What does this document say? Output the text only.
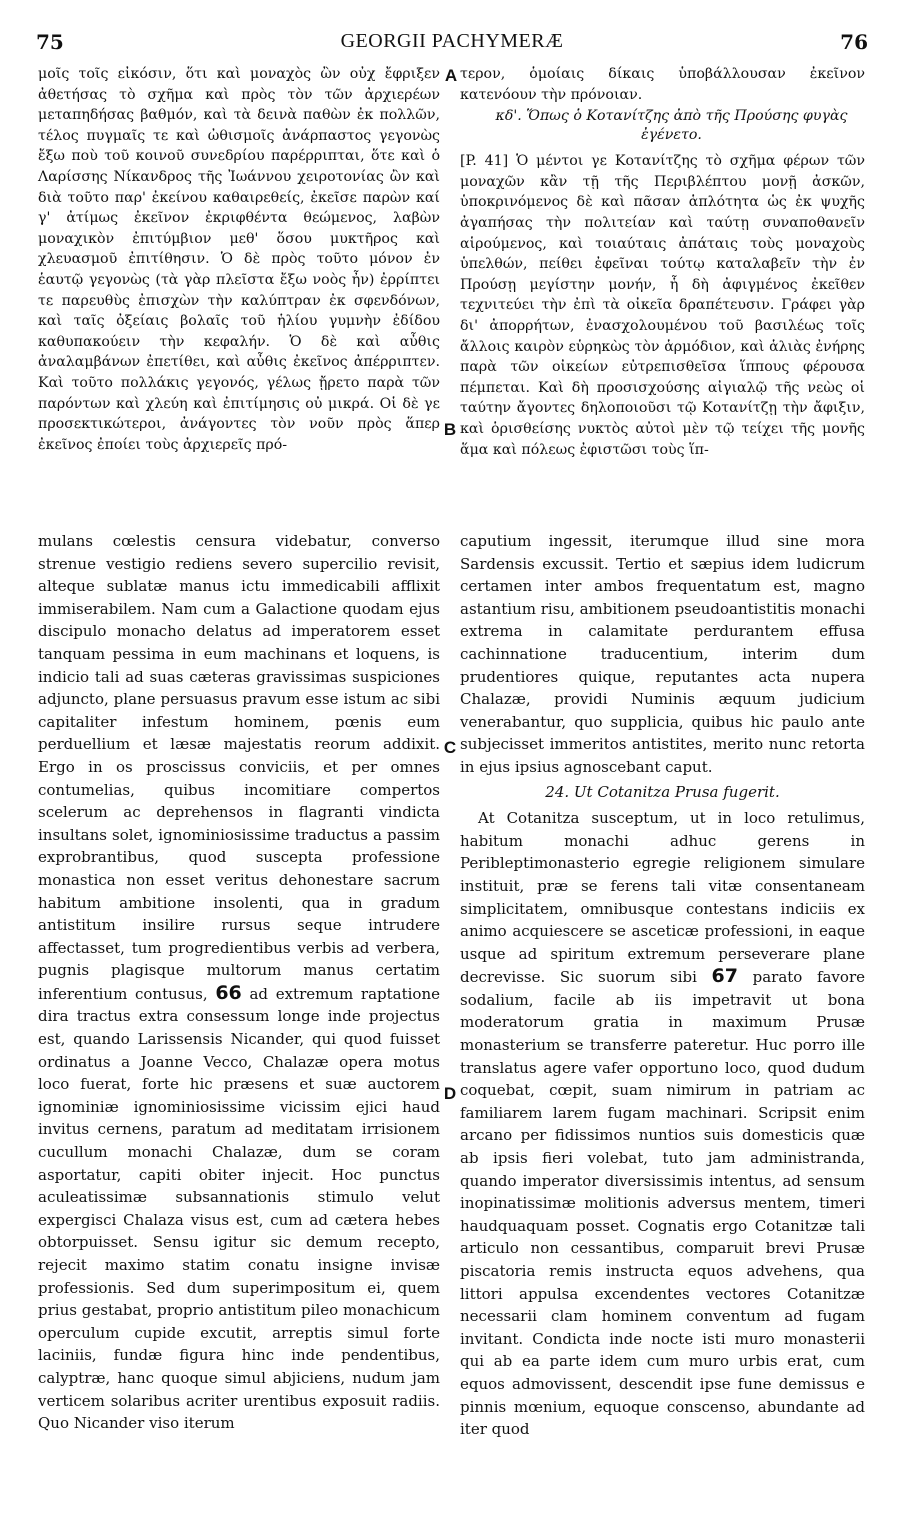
75	GEORGII PACHYMERÆ	76
A
B
C
D

μοῖς τοῖς εἰκόσιν, ὅτι καὶ μοναχὸς ὢν οὐχ ἔφριξεν ἀθετήσας τὸ σχῆμα καὶ πρὸς τὸν τῶν ἀρχιερέων μεταπηδήσας βαθμόν, καὶ τὰ δεινὰ παθὼν ἐκ πολλῶν, τέλος πυγμαῖς τε καὶ ὠθισμοῖς ἀνάρπαστος γεγονὼς ἔξω ποὺ τοῦ κοινοῦ συνεδρίου παρέρριπται, ὅτε καὶ ὁ Λαρίσσης Νίκανδρος τῆς Ἰωάννου χειροτονίας ὢν καὶ διὰ τοῦτο παρ' ἐκείνου καθαιρεθείς, ἐκεῖσε παρὼν καί γ' ἀτίμως ἐκεῖνον ἐκριφθέντα θεώμενος, λαβὼν μοναχικὸν ἐπιτύμβιον μεθ' ὅσου μυκτῆρος καὶ χλευασμοῦ ἐπιτίθησιν. Ὁ δὲ πρὸς τοῦτο μόνον ἐν ἑαυτῷ γεγονὼς (τὰ γὰρ πλεῖστα ἔξω νοὸς ἦν) ἐρρίπτει τε παρευθὺς ἐπισχὼν τὴν καλύπτραν ἐκ σφενδόνων, καὶ ταῖς ὀξείαις βολαῖς τοῦ ἡλίου γυμνὴν ἐδίδου καθυπακούειν τὴν κεφαλήν. Ὁ δὲ καὶ αὖθις ἀναλαμβάνων ἐπετίθει, καὶ αὖθις ἐκεῖνος ἀπέρριπτεν. Καὶ τοῦτο πολλάκις γεγονός, γέλως ᾔρετο παρὰ τῶν παρόντων καὶ χλεύη καὶ ἐπιτίμησις οὐ μικρά. Οἱ δὲ γε προσεκτικώτεροι, ἀνάγοντες τὸν νοῦν πρὸς ἅπερ ἐκεῖνος ἐποίει τοὺς ἀρχιερεῖς πρό-

τερον, ὁμοίαις δίκαις ὑποβάλλουσαν ἐκεῖνον κατενόουν τὴν πρόνοιαν.

κδ'. Ὅπως ὁ Κοτανίτζης ἀπὸ τῆς Προύσης φυγὰς ἐγένετο.

[P. 41] Ὁ μέντοι γε Κοτανίτζης τὸ σχῆμα φέρων τῶν μοναχῶν κἂν τῇ τῆς Περιβλέπτου μονῇ ἀσκῶν, ὑποκρινόμενος δὲ καὶ πᾶσαν ἁπλότητα ὡς ἐκ ψυχῆς ἀγαπήσας τὴν πολιτείαν καὶ ταύτῃ συναποθανεῖν αἱρούμενος, καὶ τοιαύταις ἀπάταις τοὺς μοναχοὺς ὑπελθών, πείθει ἐφεῖναι τούτῳ καταλαβεῖν τὴν ἐν Προύσῃ μεγίστην μονήν, ἧ δὴ ἀφιγμένος ἐκεῖθεν τεχνιτεύει τὴν ἐπὶ τὰ οἰκεῖα δραπέτευσιν. Γράφει γὰρ δι' ἀπορρήτων, ἐνασχολουμένου τοῦ βασιλέως τοῖς ἄλλοις καιρὸν εὑρηκὼς τὸν ἁρμόδιον, καὶ ἁλιὰς ἐνήρης παρὰ τῶν οἰκείων εὐτρεπισθεῖσα ἵππους φέρουσα πέμπεται. Καὶ δὴ προσισχούσης αἰγιαλῷ τῆς νεὼς οἱ ταύτην ἄγοντες δηλοποιοῦσι τῷ Κοτανίτζῃ τὴν ἄφιξιν, καὶ ὁρισθείσης νυκτὸς αὐτοὶ μὲν τῷ τείχει τῆς μονῆς ἅμα καὶ πόλεως ἐφιστῶσι τοὺς ἵπ-

mulans cœlestis censura videbatur, converso strenue vestigio rediens severo supercilio revisit, alteque sublatæ manus ictu immedicabili afflixit immiserabilem. Nam cum a Galactione quodam ejus discipulo monacho delatus ad imperatorem esset tanquam pessima in eum machinans et loquens, is indicio tali ad suas cæteras gravissimas suspiciones adjuncto, plane persuasus pravum esse istum ac sibi capitaliter infestum hominem, pœnis eum perduellium et læsæ majestatis reorum addixit. Ergo in os proscissus conviciis, et per omnes contumelias, quibus incomitiare compertos scelerum ac deprehensos in flagranti vindicta insultans solet, ignominiosissime traductus a passim exprobrantibus, quod suscepta professione monastica non esset veritus dehonestare sacrum habitum ambitione insolenti, qua in gradum antistitum insilire rursus seque intrudere affectasset, tum progredientibus verbis ad verbera, pugnis plagisque multorum manus certatim inferentium contusus, 66 ad extremum raptatione dira tractus extra consessum longe inde projectus est, quando Larissensis Nicander, qui quod fuisset ordinatus a Joanne Vecco, Chalazæ opera motus loco fuerat, forte hic præsens et suæ auctorem ignominiæ ignominiosissime vicissim ejici haud invitus cernens, paratum ad meditatam irrisionem cucullum monachi Chalazæ, dum se coram asportatur, capiti obiter injecit. Hoc punctus aculeatissimæ subsannationis stimulo velut expergisci Chalaza visus est, cum ad cætera hebes obtorpuisset. Sensu igitur sic demum recepto, rejecit maximo statim conatu insigne invisæ professionis. Sed dum superimpositum ei, quem prius gestabat, proprio antistitum pileo monachicum operculum cupide excutit, arreptis simul forte laciniis, fundæ figura hinc inde pendentibus, calyptræ, hanc quoque simul abjiciens, nudum jam verticem solaribus acriter urentibus exposuit radiis. Quo Nicander viso iterum

caputium ingessit, iterumque illud sine mora Sardensis excussit. Tertio et sæpius idem ludicrum certamen inter ambos frequentatum est, magno astantium risu, ambitionem pseudoantistitis monachi extrema in calamitate perdurantem effusa cachinnatione traducentium, interim dum prudentiores quique, reputantes acta nupera Chalazæ, providi Numinis æquum judicium venerabantur, quo supplicia, quibus hic paulo ante subjecisset immeritos antistites, merito nunc retorta in ejus ipsius agnoscebant caput.

24. Ut Cotanitza Prusa fugerit.

At Cotanitza susceptum, ut in loco retulimus, habitum monachi adhuc gerens in Peribleptimonasterio egregie religionem simulare instituit, præ se ferens tali vitæ consentaneam simplicitatem, omnibusque contestans indiciis ex animo acquiescere se asceticæ professioni, in eaque usque ad spiritum extremum perseverare plane decrevisse. Sic suorum sibi 67 parato favore sodalium, facile ab iis impetravit ut bona moderatorum gratia in maximum Prusæ monasterium se transferre pateretur. Huc porro ille translatus agere vafer opportuno loco, quod dudum coquebat, cœpit, suam nimirum in patriam ac familiarem larem fugam machinari. Scripsit enim arcano per fidissimos nuntios suis domesticis quæ ab ipsis fieri volebat, tuto jam administranda, quando imperator diversissimis intentus, ad sensum inopinatissimæ molitionis adversus mentem, timeri haudquaquam posset. Cognatis ergo Cotanitzæ tali articulo non cessantibus, comparuit brevi Prusæ piscatoria remis instructa equos advehens, qua littori appulsa excendentes vectores Cotanitzæ necessarii clam hominem conventum ad fugam invitant. Condicta inde nocte isti muro monasterii qui ab ea parte idem cum muro urbis erat, cum equos admovissent, descendit ipse fune demissus e pinnis mœnium, equoque conscenso, abundante ad iter quod
